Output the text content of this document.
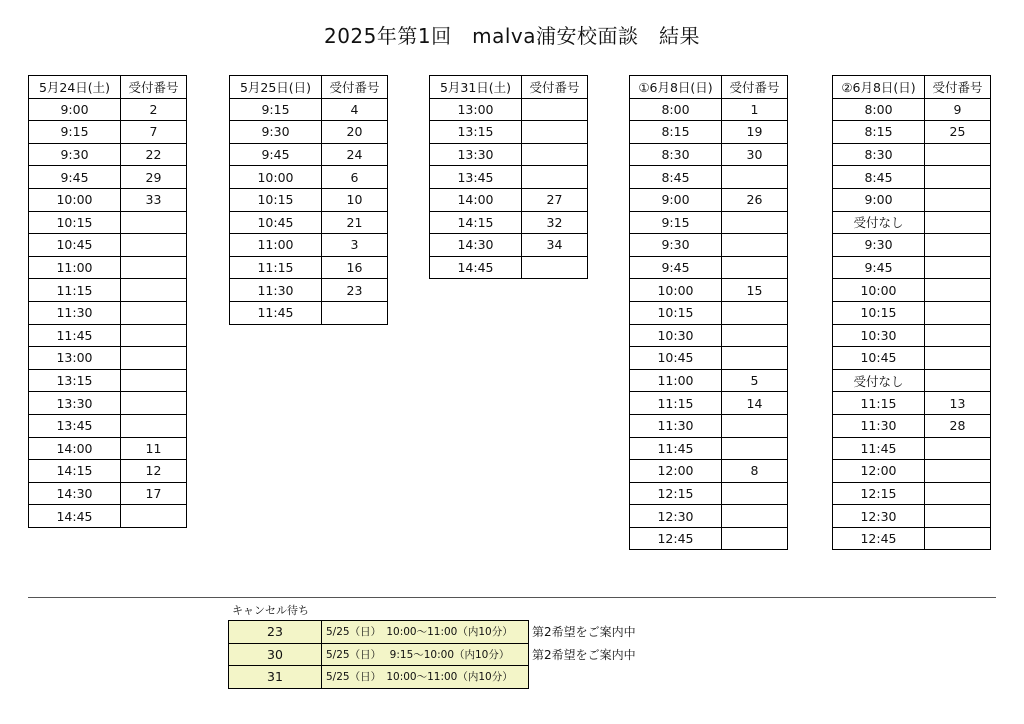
2025年第1回　malva浦安校面談　結果
5月24日(土)	受付番号
9:00	2
9:15	7
9:30	22
9:45	29
10:00	33
10:15	
10:45	
11:00	
11:15	
11:30	
11:45	
13:00	
13:15	
13:30	
13:45	
14:00	11
14:15	12
14:30	17
14:45	
5月25日(日)	受付番号
9:15	4
9:30	20
9:45	24
10:00	6
10:15	10
10:45	21
11:00	3
11:15	16
11:30	23
11:45	
5月31日(土)	受付番号
13:00	
13:15	
13:30	
13:45	
14:00	27
14:15	32
14:30	34
14:45	
①6月8日(日)	受付番号
8:00	1
8:15	19
8:30	30
8:45	
9:00	26
9:15	
9:30	
9:45	
10:00	15
10:15	
10:30	
10:45	
11:00	5
11:15	14
11:30	
11:45	
12:00	8
12:15	
12:30	
12:45	
②6月8日(日)	受付番号
8:00	9
8:15	25
8:30	
8:45	
9:00	
受付なし	
9:30	
9:45	
10:00	
10:15	
10:30	
10:45	
受付なし	
11:15	13
11:30	28
11:45	
12:00	
12:15	
12:30	
12:45	
キャンセル待ち
23	5/25（日）　10:00～11:00（内10分）	第2希望をご案内中
30	5/25（日）　 9:15～10:00（内10分）	第2希望をご案内中
31	5/25（日）　10:00～11:00（内10分）	
